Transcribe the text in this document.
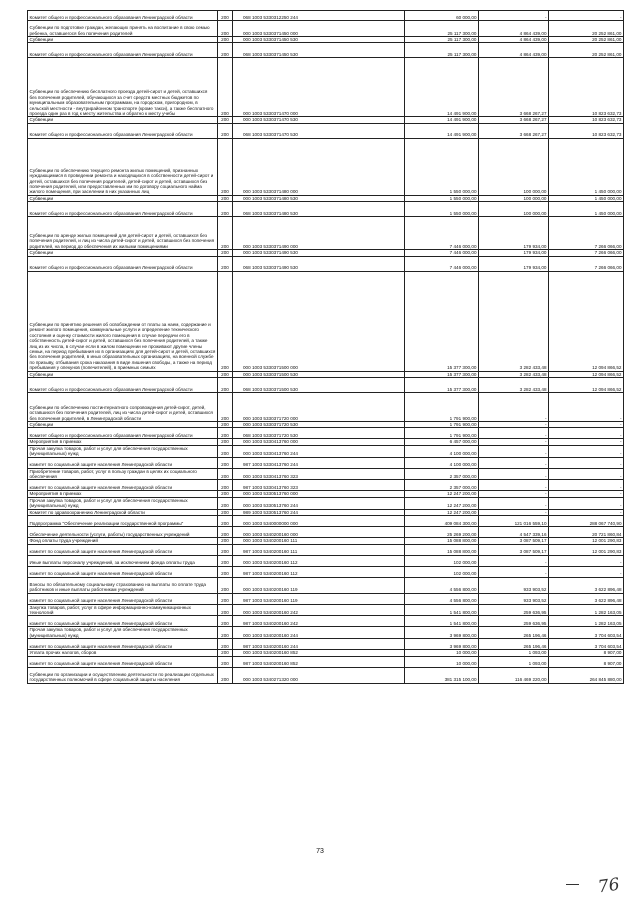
Комитет общего и профессионального образования Ленинградской области	200	068 1003 5330312250 244	60 000,00	-	-
Субвенции по подготовке граждан, желающих принять на воспитание в свою семью ребенка, оставшегося без попечения родителей	200	000 1003 5330371450 000	25 117 300,00	4 864 439,00	20 252 861,00
Субвенции	200	000 1003 5330371450 530	25 117 300,00	4 864 439,00	20 252 861,00
Комитет общего и профессионального образования Ленинградской области	200	068 1003 5330371450 530	25 117 300,00	4 864 439,00	20 252 861,00
Субвенции по обеспечению бесплатного проезда детей-сирот и детей, оставшихся без попечения родителей, обучающихся за счет средств местных бюджетов по муниципальным образовательным программам, на городском, пригородном, в сельской местности - внутрирайонном транспорте (кроме такси), а также бесплатного проезда один раз в год к месту жительства и обратно к месту учебы	200	000 1003 5330371470 000	14 491 900,00	3 668 267,27	10 823 632,73
Субвенции	200	000 1003 5330371470 530	14 491 900,00	3 668 267,27	10 823 632,73
Комитет общего и профессионального образования Ленинградской области	200	068 1003 5330371470 530	14 491 900,00	3 668 267,27	10 823 632,73
Субвенции по обеспечению текущего ремонта жилых помещений, признанных нуждающимися в проведении ремонта и находящихся в собственности детей-сирот и детей, оставшихся без попечения родителей, детей-сирот и детей, оставшихся без попечения родителей, или предоставленных им по договору социального найма жилого помещения, при заселении в них указанных лиц	200	000 1003 5330371480 000	1 550 000,00	100 000,00	1 450 000,00
Субвенции	200	000 1003 5330371480 530	1 550 000,00	100 000,00	1 450 000,00
Комитет общего и профессионального образования Ленинградской области	200	068 1003 5330371480 530	1 550 000,00	100 000,00	1 450 000,00
Субвенции по аренде жилых помещений для детей-сирот и детей, оставшихся без попечения родителей, и лиц из числа детей-сирот и детей, оставшихся без попечения родителей, на период до обеспечения их жилыми помещениями	200	000 1003 5330371490 000	7 446 000,00	179 934,00	7 266 066,00
Субвенции	200	000 1003 5330371490 530	7 446 000,00	179 934,00	7 266 066,00
Комитет общего и профессионального образования Ленинградской области	200	068 1003 5330371490 530	7 446 000,00	179 934,00	7 266 066,00
Субвенции по принятию решения об освобождении от платы за наем, содержание и ремонт жилого помещения, коммунальные услуги и определение технического состояния и оценку стоимости жилого помещения в случае передачи его в собственность детей-сирот и детей, оставшихся без попечения родителей, а также лиц из их числа, в случае если в жилом помещении не проживают другие члены семьи, на период пребывания их в организациях для детей-сирот и детей, оставшихся без попечения родителей, в иных образовательных организациях, на военной службе по призыву, отбывания срока наказания в виде лишения свободы, а также на период пребывания у опекунов (попечителей), в приемных семьях	200	000 1003 5330371500 000	15 377 300,00	3 282 433,48	12 094 866,52
Субвенции	200	000 1003 5330371500 530	15 377 300,00	3 282 433,48	12 094 866,52
Комитет общего и профессионального образования Ленинградской области	200	068 1003 5330371500 530	15 377 300,00	3 282 433,48	12 094 866,52
Субвенции по обеспечению постинтернатного сопровождения детей-сирот, детей, оставшихся без попечения родителей, лиц из числа детей-сирот и детей, оставшихся без попечения родителей, в Ленинградской области	200	000 1003 5330371720 000	1 791 900,00	-	-
Субвенции	200	000 1003 5330371720 530	1 791 900,00	-	-
Комитет общего и профессионального образования Ленинградской области	200	068 1003 5330371720 530	1 791 900,00	-	-
Мероприятия в приемах	200	000 1003 5330413760 000	6 457 000,00	-	-
Прочая закупка товаров, работ и услуг для обеспечения государственных (муниципальных) нужд	200	000 1003 5330413760 244	4 100 000,00	-	-
комитет по социальной защите населения Ленинградской области	200	987 1003 5330413760 244	4 100 000,00	-	-
Приобретение товаров, работ, услуг в пользу граждан в целях их социального обеспечения	200	000 1003 5330413760 323	2 357 000,00	-	-
комитет по социальной защите населения Ленинградской области	200	987 1003 5330413760 323	2 357 000,00	-	-
Мероприятия в приемах	200	000 1003 5330513760 000	12 247 200,00	-	-
Прочая закупка товаров, работ и услуг для обеспечения государственных (муниципальных) нужд	200	000 1003 5330513760 244	12 247 200,00	-	-
Комитет по здравоохранению Ленинградской области	200	989 1003 5330513760 244	12 247 200,00	-	-
Подпрограмма "Обеспечение реализации государственной программы"	200	000 1003 5340000000 000	409 084 300,00	121 016 559,10	288 067 740,90
Обеспечение деятельности (услуги, работы) государственных учреждений	200	000 1003 5340200160 000	25 269 200,00	4 547 339,16	20 721 860,84
Фонд оплаты труда учреждений	200	000 1003 5340200160 111	15 088 800,00	3 087 509,17	12 001 290,83
комитет по социальной защите населения Ленинградской области	200	987 1003 5340200160 111	15 088 800,00	3 087 509,17	12 001 290,83
Иные выплаты персоналу учреждений, за исключением фонда оплаты труда	200	000 1003 5340200160 112	102 000,00	-	-
комитет по социальной защите населения Ленинградской области	200	987 1003 5340200160 112	102 000,00	-	-
Взносы по обязательному социальному страхованию на выплаты по оплате труда работников и иные выплаты работникам учреждений	200	000 1003 5340200160 119	4 556 800,00	933 903,52	3 622 896,48
комитет по социальной защите населения Ленинградской области	200	987 1003 5340200160 119	4 556 800,00	933 903,52	3 622 896,48
Закупка товаров, работ, услуг в сфере информационно-коммуникационных технологий	200	000 1003 5340200160 242	1 541 800,00	259 636,95	1 282 163,05
комитет по социальной защите населения Ленинградской области	200	987 1003 5340200160 242	1 541 800,00	259 636,95	1 282 163,05
Прочая закупка товаров, работ и услуг для обеспечения государственных (муниципальных) нужд	200	000 1003 5340200160 244	3 969 800,00	265 196,46	3 704 603,54
комитет по социальной защите населения Ленинградской области	200	987 1003 5340200160 244	3 969 800,00	265 196,46	3 704 603,54
Уплата прочих налогов, сборов	200	000 1003 5340200160 852	10 000,00	1 093,00	8 907,00
комитет по социальной защите населения Ленинградской области	200	987 1003 5340200160 852	10 000,00	1 093,00	8 907,00
Субвенции по организации и осуществлению деятельности по реализации отдельных государственных полномочий в сфере социальной защиты населения	200	000 1003 5340271320 000	381 315 100,00	116 469 220,00	264 845 880,00
73
76
